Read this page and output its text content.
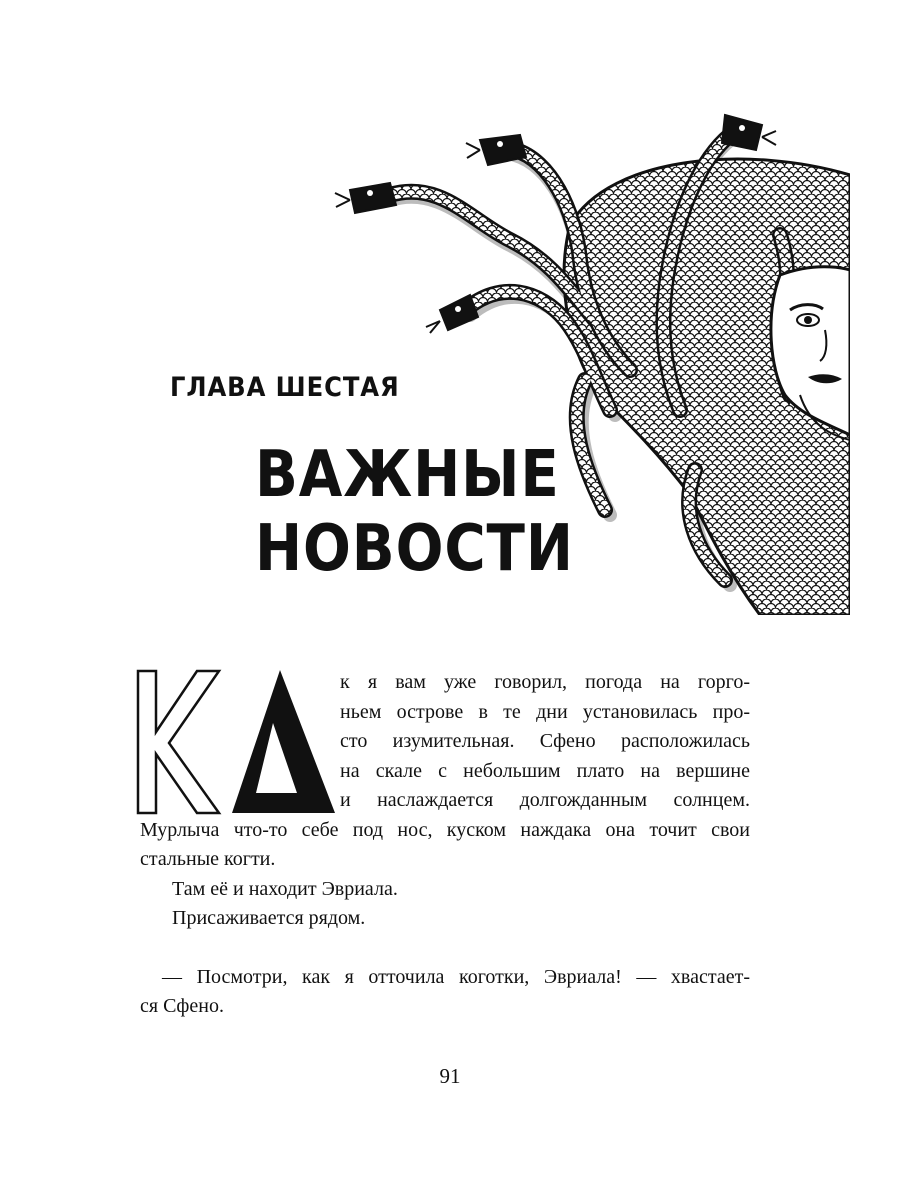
ГЛАВА ШЕСТАЯ
ВАЖНЫЕ
НОВОСТИ
к я вам уже говорил, погода на горго-
ньем острове в те дни установилась про-
сто изумительная. Сфено расположилась
на скале с небольшим плато на вершине
и наслаждается долгожданным солнцем.
Мурлыча что-то себе под нос, куском наждака она точит свои
стальные когти.
Там её и находит Эвриала.
Присаживается рядом.
— Посмотри, как я отточила коготки, Эвриала! — хвастает-
ся Сфено.
91
